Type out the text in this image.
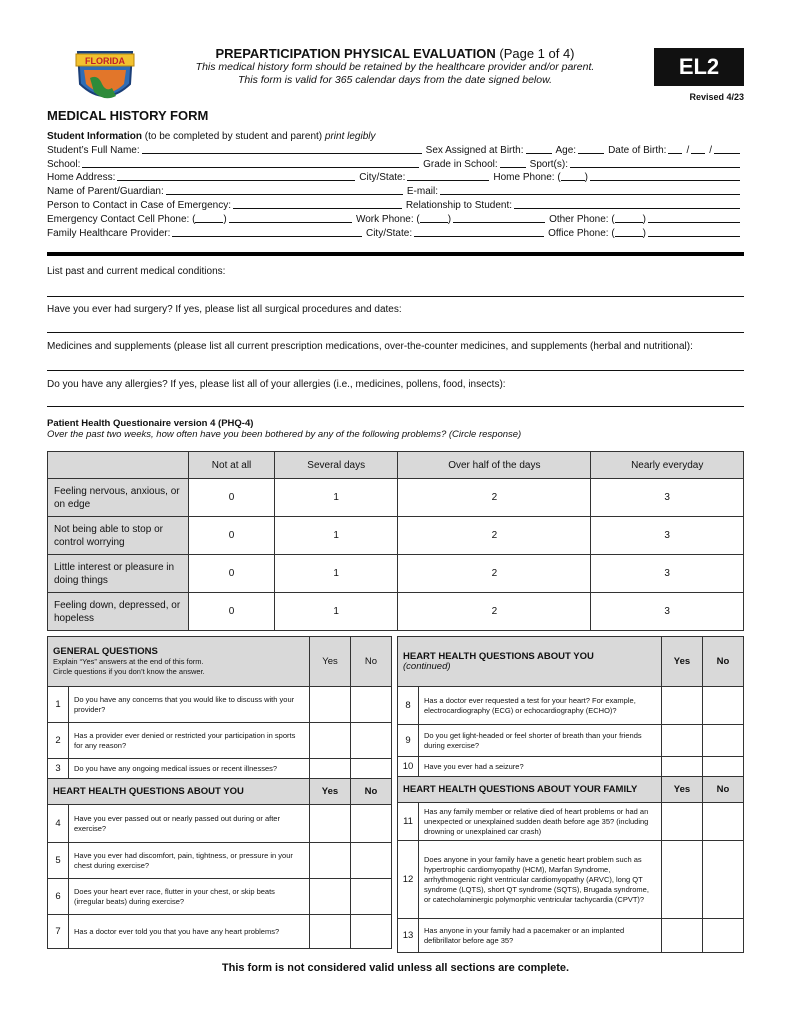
FLORIDA	PREPARTICIPATION PHYSICAL EVALUATION (Page 1 of 4)
This medical history form should be retained by the healthcare provider and/or parent.
This form is valid for 365 calendar days from the date signed below.
EL2
Revised 4/23
MEDICAL HISTORY FORM
Student Information (to be completed by student and parent) print legibly
Student’s Full Name:	Sex Assigned at Birth:	Age:	Date of Birth: / /
School:	Grade in School:	Sport(s):
Home Address:	City/State:	Home Phone: ( )
Name of Parent/Guardian:	E-mail:
Person to Contact in Case of Emergency:	Relationship to Student:
Emergency Contact Cell Phone: (	)	Work Phone: (	)	Other Phone: (	)
Family Healthcare Provider:	City/State:	Office Phone: (	)
List past and current medical conditions:
Have you ever had surgery? If yes, please list all surgical procedures and dates:
Medicines and supplements (please list all current prescription medications, over-the-counter medicines, and supplements (herbal and nutritional):
Do you have any allergies? If yes, please list all of your allergies (i.e., medicines, pollens, food, insects):
Patient Health Questionaire version 4 (PHQ-4)
Over the past two weeks, how often have you been bothered by any of the following problems? (Circle response)
	Not at all	Several days	Over half of the days	Nearly everyday
Feeling nervous, anxious, or on edge	0	1	2	3
Not being able to stop or control worrying	0	1	2	3
Little interest or pleasure in doing things	0	1	2	3
Feeling down, depressed, or hopeless	0	1	2	3
GENERAL QUESTIONS
Explain “Yes” answers at the end of this form.
Circle questions if you don’t know the answer.		Yes	No
1	Do you have any concerns that you would like to discuss with your provider?		
2	Has a provider ever denied or restricted your participation in sports for any reason?		
3	Do you have any ongoing medical issues or recent illnesses?		
HEART HEALTH QUESTIONS ABOUT YOU		Yes	No
4	Have you ever passed out or nearly passed out during or after exercise?		
5	Have you ever had discomfort, pain, tightness, or pressure in your chest during exercise?		
6	Does your heart ever race, flutter in your chest, or skip beats (irregular beats) during exercise?		
7	Has a doctor ever told you that you have any heart problems?		
HEART HEALTH QUESTIONS ABOUT YOU
(continued)		Yes	No
8	Has a doctor ever requested a test for your heart? For example, electrocardiography (ECG) or echocardiography (ECHO)?		
9	Do you get light-headed or feel shorter of breath than your friends during exercise?		
10	Have you ever had a seizure?		
HEART HEALTH QUESTIONS ABOUT YOUR FAMILY		Yes	No
11	Has any family member or relative died of heart problems or had an unexpected or unexplained sudden death before age 35? (including drowning or unexplained car crash)		
12	Does anyone in your family have a genetic heart problem such as hypertrophic cardiomyopathy (HCM), Marfan Syndrome, arrhythmogenic right ventricular cardiomyopathy (ARVC), long QT syndrome (LQTS), short QT syndrome (SQTS), Brugada syndrome, or catecholaminergic polymorphic ventricular tachycardia (CPVT)?		
13	Has anyone in your family had a pacemaker or an implanted defibrillator before age 35?		
This form is not considered valid unless all sections are complete.
